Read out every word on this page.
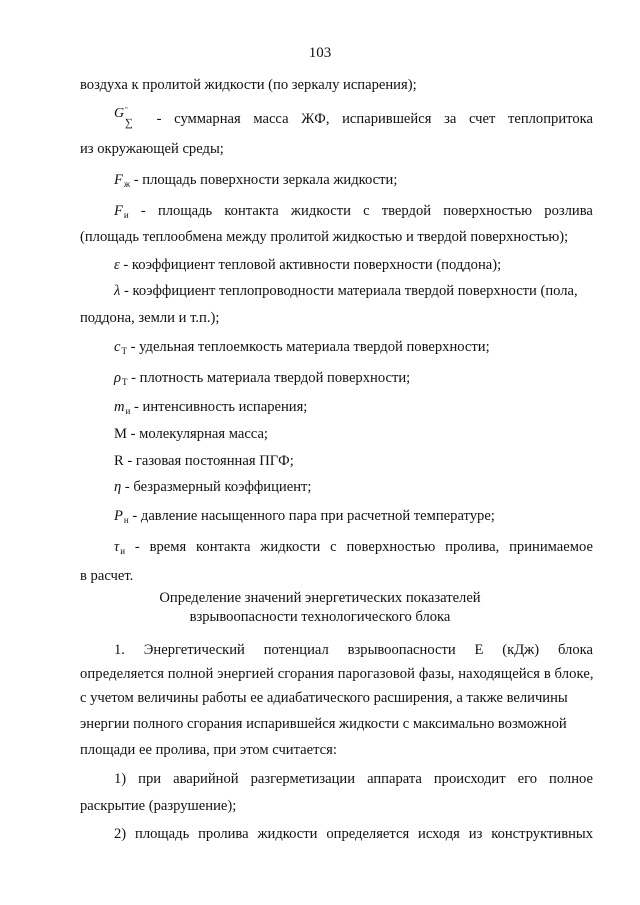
103
воздуха к пролитой жидкости (по зеркалу испарения);
G "
∑ - суммарная масса ЖФ, испарившейся за счет теплопритока
из окружающей среды;
$F_ж$ - площадь поверхности зеркала жидкости;
$F_и$ - площадь контакта жидкости с твердой поверхностью розлива
(площадь теплообмена между пролитой жидкостью и твердой поверхностью);
ε - коэффициент тепловой активности поверхности (поддона);
λ - коэффициент теплопроводности материала твердой поверхности (пола,
поддона, земли и т.п.);
$c_Т$ - удельная теплоемкость материала твердой поверхности;
$\rho_Т$ - плотность материала твердой поверхности;
$m_и$ - интенсивность испарения;
М - молекулярная масса;
R - газовая постоянная ПГФ;
η - безразмерный коэффициент;
$P_н$ - давление насыщенного пара при расчетной температуре;
$\tau_и$ - время контакта жидкости с поверхностью пролива, принимаемое
в расчет.
Определение значений энергетических показателей
взрывоопасности технологического блока
1. Энергетический потенциал взрывоопасности Е (кДж) блока
определяется полной энергией сгорания парогазовой фазы, находящейся в блоке,
с учетом величины работы ее адиабатического расширения, а также величины
энергии полного сгорания испарившейся жидкости с максимально возможной
площади ее пролива, при этом считается:
1) при аварийной разгерметизации аппарата происходит его полное
раскрытие (разрушение);
2) площадь пролива жидкости определяется исходя из конструктивных
